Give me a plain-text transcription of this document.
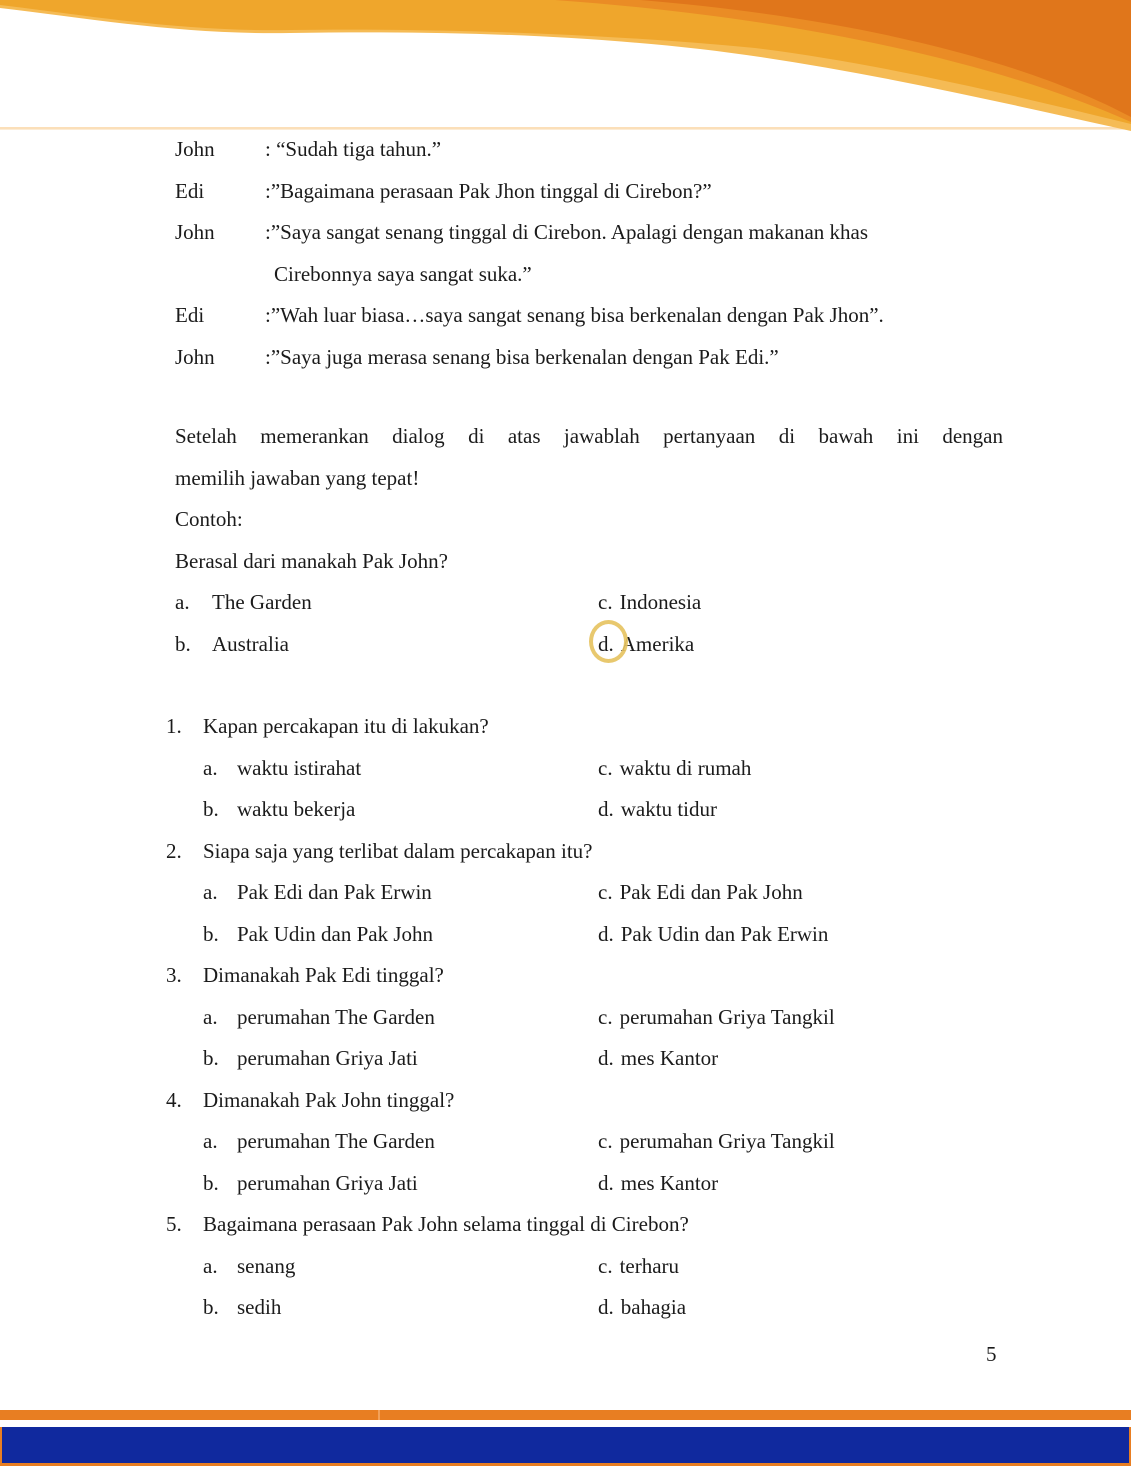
John	: “Sudah tiga tahun.”
Edi	:”Bagaimana perasaan Pak Jhon tinggal di Cirebon?”
John	:”Saya sangat senang tinggal di Cirebon. Apalagi dengan makanan khas
Cirebonnya saya sangat suka.”
Edi	:”Wah luar biasa…saya sangat senang bisa berkenalan dengan Pak Jhon”.
John	:”Saya juga merasa senang bisa berkenalan dengan Pak Edi.”
Setelah memerankan dialog di atas jawablah pertanyaan di bawah ini dengan
memilih jawaban yang tepat!
Contoh:
Berasal dari manakah Pak John?
a.	The Garden	c. Indonesia
b.	Australia	d. Amerika
1.	Kapan percakapan itu di lakukan?
a. waktu istirahat	c. waktu di rumah
b. waktu bekerja	d. waktu tidur
2.	Siapa saja yang terlibat dalam percakapan itu?
a. Pak Edi dan Pak Erwin	c. Pak Edi dan Pak John
b. Pak Udin dan Pak John	d. Pak Udin dan Pak Erwin
3.	Dimanakah Pak Edi tinggal?
a. perumahan The Garden	c. perumahan Griya Tangkil
b. perumahan Griya Jati	d. mes Kantor
4.	Dimanakah Pak John tinggal?
a. perumahan The Garden	c. perumahan Griya Tangkil
b. perumahan Griya Jati	d. mes Kantor
5.	Bagaimana perasaan Pak John selama tinggal di Cirebon?
a. senang	c. terharu
b. sedih	d. bahagia
5
